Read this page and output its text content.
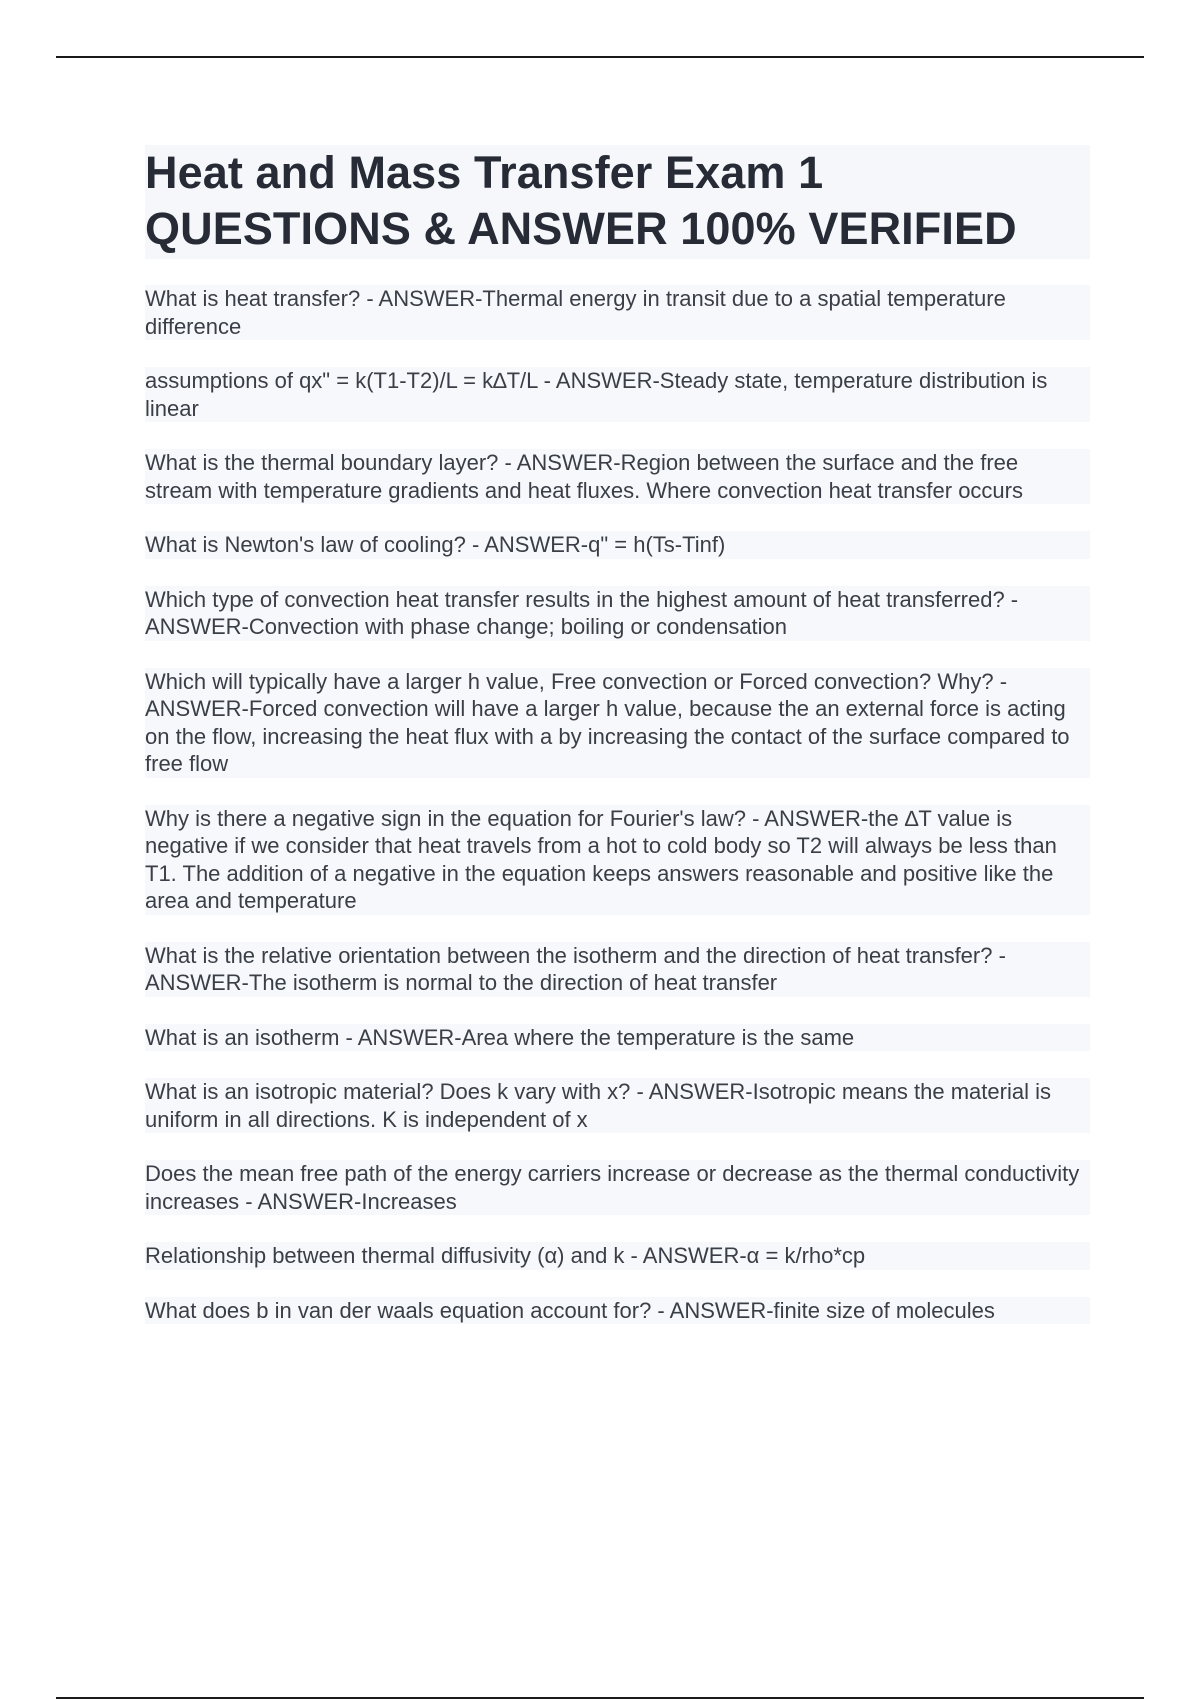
Heat and Mass Transfer Exam 1
QUESTIONS & ANSWER 100% VERIFIED

What is heat transfer? - ANSWER-Thermal energy in transit due to a spatial temperature difference

assumptions of qx" = k(T1-T2)/L = k∆T/L - ANSWER-Steady state, temperature distribution is linear

What is the thermal boundary layer? - ANSWER-Region between the surface and the free stream with temperature gradients and heat fluxes. Where convection heat transfer occurs

What is Newton's law of cooling? - ANSWER-q" = h(Ts-Tinf)

Which type of convection heat transfer results in the highest amount of heat transferred? - ANSWER-Convection with phase change; boiling or condensation

Which will typically have a larger h value, Free convection or Forced convection? Why? - ANSWER-Forced convection will have a larger h value, because the an external force is acting on the flow, increasing the heat flux with a by increasing the contact of the surface compared to free flow

Why is there a negative sign in the equation for Fourier's law? - ANSWER-the ∆T value is negative if we consider that heat travels from a hot to cold body so T2 will always be less than T1. The addition of a negative in the equation keeps answers reasonable and positive like the area and temperature

What is the relative orientation between the isotherm and the direction of heat transfer? - ANSWER-The isotherm is normal to the direction of heat transfer

What is an isotherm - ANSWER-Area where the temperature is the same

What is an isotropic material? Does k vary with x? - ANSWER-Isotropic means the material is uniform in all directions. K is independent of x

Does the mean free path of the energy carriers increase or decrease as the thermal conductivity increases - ANSWER-Increases

Relationship between thermal diffusivity (α) and k - ANSWER-α = k/rho*cp

What does b in van der waals equation account for? - ANSWER-finite size of molecules
